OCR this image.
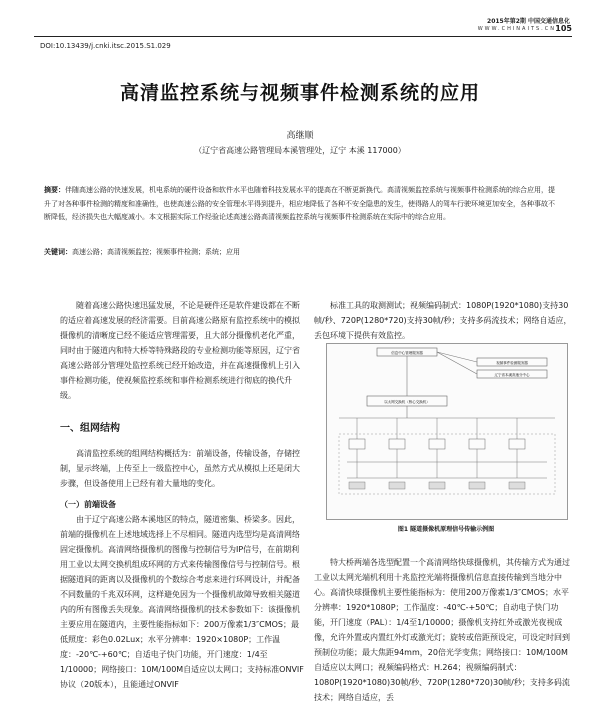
2015年第2期 中国交通信息化
WWW.CHINAITS.CN 105
DOI:10.13439/j.cnki.itsc.2015.S1.029
高清监控系统与视频事件检测系统的应用
高继顺
（辽宁省高速公路管理局本溪管理处，辽宁 本溪 117000）
摘要：伴随高速公路的快速发展，机电系统的硬件设备和软件水平也随着科技发展水平的提高在不断更新换代。高清视频监控系统与视频事件检测系统的综合应用，提升了对各种事件检测的精度和准确性，也使高速公路的安全管理水平得到提升，相应地降低了各种不安全隐患的发生，使得路人的驾车行驶环境更加安全，各种事故不断降低，经济损失也大幅度减小。本文根据实际工作经验论述高速公路高清视频监控系统与视频事件检测系统在实际中的综合应用。
关键词：高速公路；高清视频监控；视频事件检测；系统；应用

随着高速公路快速迅猛发展，不论是硬件还是软件建设都在不断的适应着高速发展的经济需要。目前高速公路原有监控系统中的模拟摄像机的清晰度已经不能适应管理需要，且大部分摄像机老化严重，同时由于隧道内和特大桥等特殊路段的专业检测功能等原因，辽宁省高速公路部分管理处监控系统已经开始改造，并在高速摄像机上引入事件检测功能，使视频监控系统和事件检测系统进行彻底的换代升级。

一、组网结构

高清监控系统的组网结构概括为：前端设备，传输设备，存储控制，显示终端，上传至上一级监控中心，虽然方式从模拟上还是闭大步骤，但设备使用上已经有着大量地的变化。

（一）前端设备

由于辽宁高速公路本溪地区的特点，隧道密集、桥梁多。因此，前端的摄像机在上述地域选择上不尽相同。隧道内选型均是高清网络固定摄像机。高清网络摄像机的图像与控制信号为IP信号，在前期利用工业以太网交换机组成环网的方式来传输图像信号与控制信号。根据隧道间的距离以及摄像机的个数综合考虑来进行环网设计，并配备不同数量的千兆双环网，这样避免因为一个摄像机故障导致相关隧道内的所有图像丢失现象。高清网络摄像机的技术参数如下：该摄像机主要应用在隧道内，主要性能指标如下：200万像素1/3″CMOS；最低照度：彩色0.02Lux；水平分辨率：1920×1080P；工作温度：-20℃-+60℃；自适电子快门功能，开门速度：1/4至1/10000；网络接口：10M/100M自适应以太网口；支持标准ONVIF协议（20版本），且能通过ONVIF

标准工具的取测测试；视频编码制式：1080P(1920*1080)支持30帧/秒、720P(1280*720)支持30帧/秒；支持多码流技术；网络自适应，丢包环境下提供有效监控。

信息中心管理服务器
视频事件检测服务器
辽宁省本溪高速分中心
以太网交换机（核心交换机）
图1 隧道摄像机原理信号传输示例图

特大桥两端各选型配置一个高清网络快球摄像机，其传输方式为通过工业以太网光端机利用十兆监控光端将摄像机信息直接传输到当地分中心。高清快球摄像机主要性能指标为：使用200万像素1/3″CMOS；水平分辨率：1920*1080P；工作温度：-40℃-+50℃；自动电子快门功能，开门速度（PAL）：1/4至1/10000；摄像机支持红外或激光夜视成像，允许外置或内置红外灯或激光灯；旋转或倍距预设定，可设定时回到预制位功能；最大焦距94mm，20倍光学变焦；网络接口：10M/100M自适应以太网口；视频编码格式：H.264；视频编码制式：1080P(1920*1080)30帧/秒、720P(1280*720)30帧/秒；支持多码流技术；网络自适应，丢
